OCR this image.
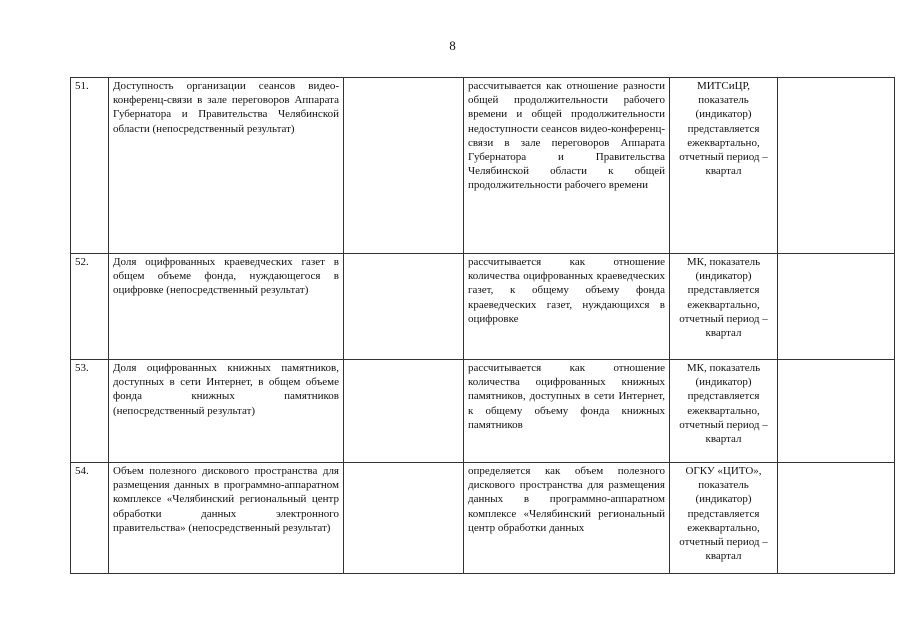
8
51.	Доступность организации сеансов видео-конференц-связи в зале переговоров Аппарата Губернатора и Правительства Челябинской области (непосредственный результат)		рассчитывается как отношение разности общей продолжительности рабочего времени и общей продолжительности недоступности сеансов видео-конференц-связи в зале переговоров Аппарата Губернатора и Правительства Челябинской области к общей продолжительности рабочего времени	МИТСиЦР, показатель (индикатор) представляется ежеквартально, отчетный период – квартал	
52.	Доля оцифрованных краеведческих газет в общем объеме фонда, нуждающегося в оцифровке (непосредственный результат)		рассчитывается как отношение количества оцифрованных краеведческих газет, к общему объему фонда краеведческих газет, нуждающихся в оцифровке	МК, показатель (индикатор) представляется ежеквартально, отчетный период – квартал	
53.	Доля оцифрованных книжных памятников, доступных в сети Интернет, в общем объеме фонда книжных памятников (непосредственный результат)		рассчитывается как отношение количества оцифрованных книжных памятников, доступных в сети Интернет, к общему объему фонда книжных памятников	МК, показатель (индикатор) представляется ежеквартально, отчетный период – квартал	
54.	Объем полезного дискового пространства для размещения данных в программно-аппаратном комплексе «Челябинский региональный центр обработки данных электронного правительства» (непосредственный результат)		определяется как объем полезного дискового пространства для размещения данных в программно-аппаратном комплексе «Челябинский региональный центр обработки данных	ОГКУ «ЦИТО», показатель (индикатор) представляется ежеквартально, отчетный период – квартал	
